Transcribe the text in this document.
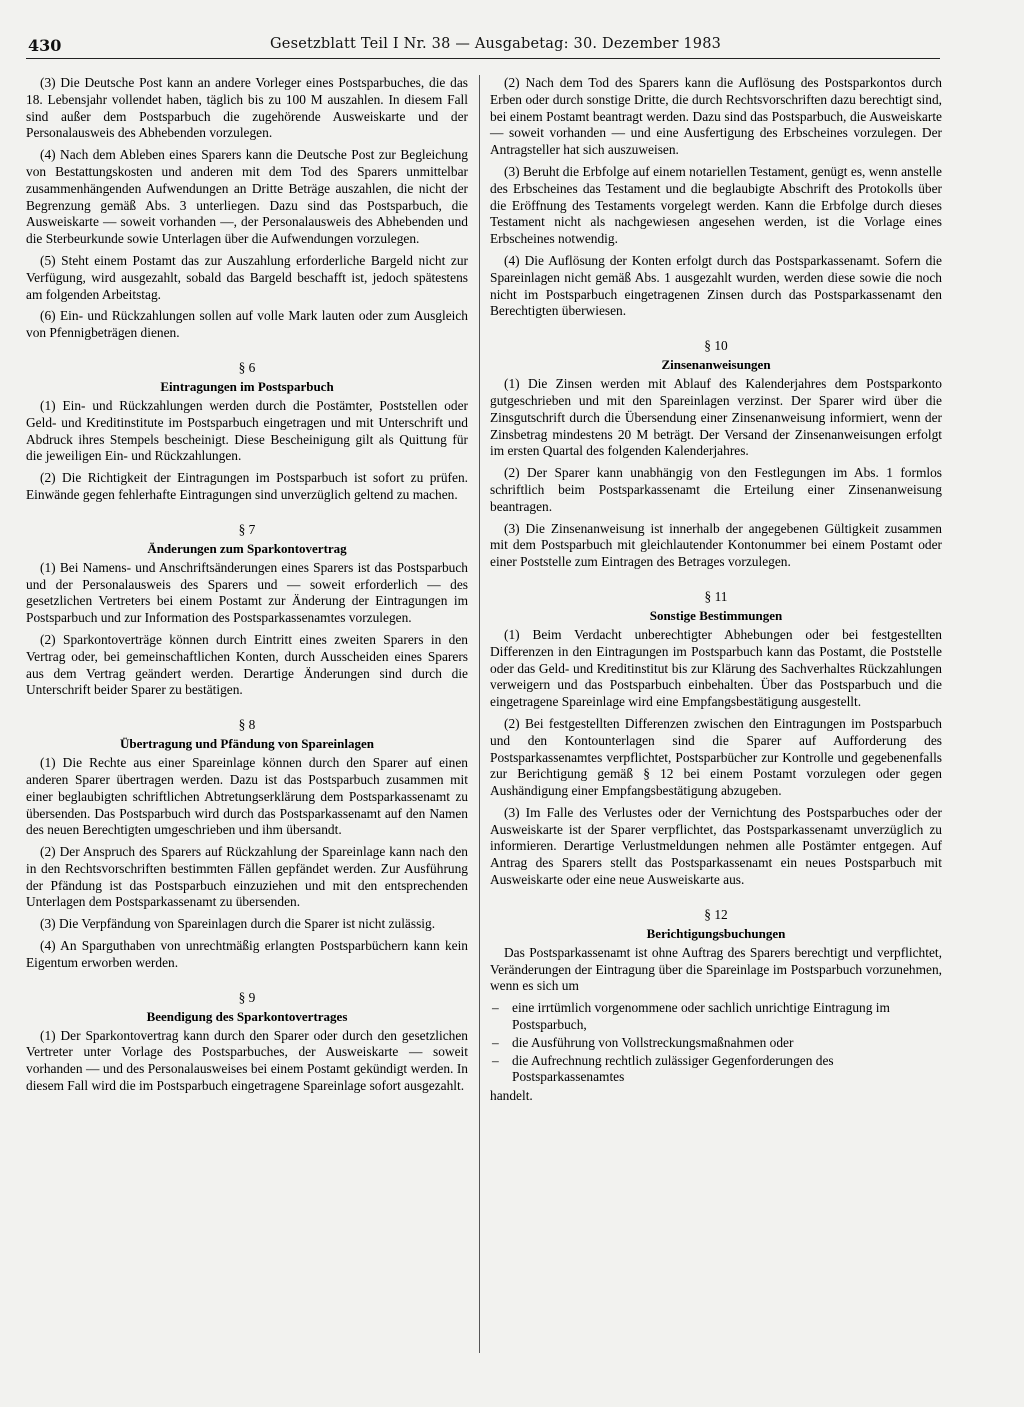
430	Gesetzblatt Teil I Nr. 38 — Ausgabetag: 30. Dezember 1983

(3) Die Deutsche Post kann an andere Vorleger eines Postsparbuches, die das 18. Lebensjahr vollendet haben, täglich bis zu 100 M auszahlen. In diesem Fall sind außer dem Postsparbuch die zugehörende Ausweiskarte und der Personalausweis des Abhebenden vorzulegen.

(4) Nach dem Ableben eines Sparers kann die Deutsche Post zur Begleichung von Bestattungskosten und anderen mit dem Tod des Sparers unmittelbar zusammenhängenden Aufwendungen an Dritte Beträge auszahlen, die nicht der Begrenzung gemäß Abs. 3 unterliegen. Dazu sind das Postsparbuch, die Ausweiskarte — soweit vorhanden —, der Personalausweis des Abhebenden und die Sterbeurkunde sowie Unterlagen über die Aufwendungen vorzulegen.

(5) Steht einem Postamt das zur Auszahlung erforderliche Bargeld nicht zur Verfügung, wird ausgezahlt, sobald das Bargeld beschafft ist, jedoch spätestens am folgenden Arbeitstag.

(6) Ein- und Rückzahlungen sollen auf volle Mark lauten oder zum Ausgleich von Pfennigbeträgen dienen.

§ 6
Eintragungen im Postsparbuch

(1) Ein- und Rückzahlungen werden durch die Postämter, Poststellen oder Geld- und Kreditinstitute im Postsparbuch eingetragen und mit Unterschrift und Abdruck ihres Stempels bescheinigt. Diese Bescheinigung gilt als Quittung für die jeweiligen Ein- und Rückzahlungen.

(2) Die Richtigkeit der Eintragungen im Postsparbuch ist sofort zu prüfen. Einwände gegen fehlerhafte Eintragungen sind unverzüglich geltend zu machen.

§ 7
Änderungen zum Sparkontovertrag

(1) Bei Namens- und Anschriftsänderungen eines Sparers ist das Postsparbuch und der Personalausweis des Sparers und — soweit erforderlich — des gesetzlichen Vertreters bei einem Postamt zur Änderung der Eintragungen im Postsparbuch und zur Information des Postsparkassenamtes vorzulegen.

(2) Sparkontoverträge können durch Eintritt eines zweiten Sparers in den Vertrag oder, bei gemeinschaftlichen Konten, durch Ausscheiden eines Sparers aus dem Vertrag geändert werden. Derartige Änderungen sind durch die Unterschrift beider Sparer zu bestätigen.

§ 8
Übertragung und Pfändung von Spareinlagen

(1) Die Rechte aus einer Spareinlage können durch den Sparer auf einen anderen Sparer übertragen werden. Dazu ist das Postsparbuch zusammen mit einer beglaubigten schriftlichen Abtretungserklärung dem Postsparkassenamt zu übersenden. Das Postsparbuch wird durch das Postsparkassenamt auf den Namen des neuen Berechtigten umgeschrieben und ihm übersandt.

(2) Der Anspruch des Sparers auf Rückzahlung der Spareinlage kann nach den in den Rechtsvorschriften bestimmten Fällen gepfändet werden. Zur Ausführung der Pfändung ist das Postsparbuch einzuziehen und mit den entsprechenden Unterlagen dem Postsparkassenamt zu übersenden.

(3) Die Verpfändung von Spareinlagen durch die Sparer ist nicht zulässig.

(4) An Sparguthaben von unrechtmäßig erlangten Postsparbüchern kann kein Eigentum erworben werden.

§ 9
Beendigung des Sparkontovertrages

(1) Der Sparkontovertrag kann durch den Sparer oder durch den gesetzlichen Vertreter unter Vorlage des Postsparbuches, der Ausweiskarte — soweit vorhanden — und des Personalausweises bei einem Postamt gekündigt werden. In diesem Fall wird die im Postsparbuch eingetragene Spareinlage sofort ausgezahlt.

(2) Nach dem Tod des Sparers kann die Auflösung des Postsparkontos durch Erben oder durch sonstige Dritte, die durch Rechtsvorschriften dazu berechtigt sind, bei einem Postamt beantragt werden. Dazu sind das Postsparbuch, die Ausweiskarte — soweit vorhanden — und eine Ausfertigung des Erbscheines vorzulegen. Der Antragsteller hat sich auszuweisen.

(3) Beruht die Erbfolge auf einem notariellen Testament, genügt es, wenn anstelle des Erbscheines das Testament und die beglaubigte Abschrift des Protokolls über die Eröffnung des Testaments vorgelegt werden. Kann die Erbfolge durch dieses Testament nicht als nachgewiesen angesehen werden, ist die Vorlage eines Erbscheines notwendig.

(4) Die Auflösung der Konten erfolgt durch das Postsparkassenamt. Sofern die Spareinlagen nicht gemäß Abs. 1 ausgezahlt wurden, werden diese sowie die noch nicht im Postsparbuch eingetragenen Zinsen durch das Postsparkassenamt den Berechtigten überwiesen.

§ 10
Zinsenanweisungen

(1) Die Zinsen werden mit Ablauf des Kalenderjahres dem Postsparkonto gutgeschrieben und mit den Spareinlagen verzinst. Der Sparer wird über die Zinsgutschrift durch die Übersendung einer Zinsenanweisung informiert, wenn der Zinsbetrag mindestens 20 M beträgt. Der Versand der Zinsenanweisungen erfolgt im ersten Quartal des folgenden Kalenderjahres.

(2) Der Sparer kann unabhängig von den Festlegungen im Abs. 1 formlos schriftlich beim Postsparkassenamt die Erteilung einer Zinsenanweisung beantragen.

(3) Die Zinsenanweisung ist innerhalb der angegebenen Gültigkeit zusammen mit dem Postsparbuch mit gleichlautender Kontonummer bei einem Postamt oder einer Poststelle zum Eintragen des Betrages vorzulegen.

§ 11
Sonstige Bestimmungen

(1) Beim Verdacht unberechtigter Abhebungen oder bei festgestellten Differenzen in den Eintragungen im Postsparbuch kann das Postamt, die Poststelle oder das Geld- und Kreditinstitut bis zur Klärung des Sachverhaltes Rückzahlungen verweigern und das Postsparbuch einbehalten. Über das Postsparbuch und die eingetragene Spareinlage wird eine Empfangsbestätigung ausgestellt.

(2) Bei festgestellten Differenzen zwischen den Eintragungen im Postsparbuch und den Kontounterlagen sind die Sparer auf Aufforderung des Postsparkassenamtes verpflichtet, Postsparbücher zur Kontrolle und gegebenenfalls zur Berichtigung gemäß § 12 bei einem Postamt vorzulegen oder gegen Aushändigung einer Empfangsbestätigung abzugeben.

(3) Im Falle des Verlustes oder der Vernichtung des Postsparbuches oder der Ausweiskarte ist der Sparer verpflichtet, das Postsparkassenamt unverzüglich zu informieren. Derartige Verlustmeldungen nehmen alle Postämter entgegen. Auf Antrag des Sparers stellt das Postsparkassenamt ein neues Postsparbuch mit Ausweiskarte oder eine neue Ausweiskarte aus.

§ 12
Berichtigungsbuchungen

Das Postsparkassenamt ist ohne Auftrag des Sparers berechtigt und verpflichtet, Veränderungen der Eintragung über die Spareinlage im Postsparbuch vorzunehmen, wenn es sich um

– eine irrtümlich vorgenommene oder sachlich unrichtige Eintragung im Postsparbuch,
– die Ausführung von Vollstreckungsmaßnahmen oder
– die Aufrechnung rechtlich zulässiger Gegenforderungen des Postsparkassenamtes

handelt.
